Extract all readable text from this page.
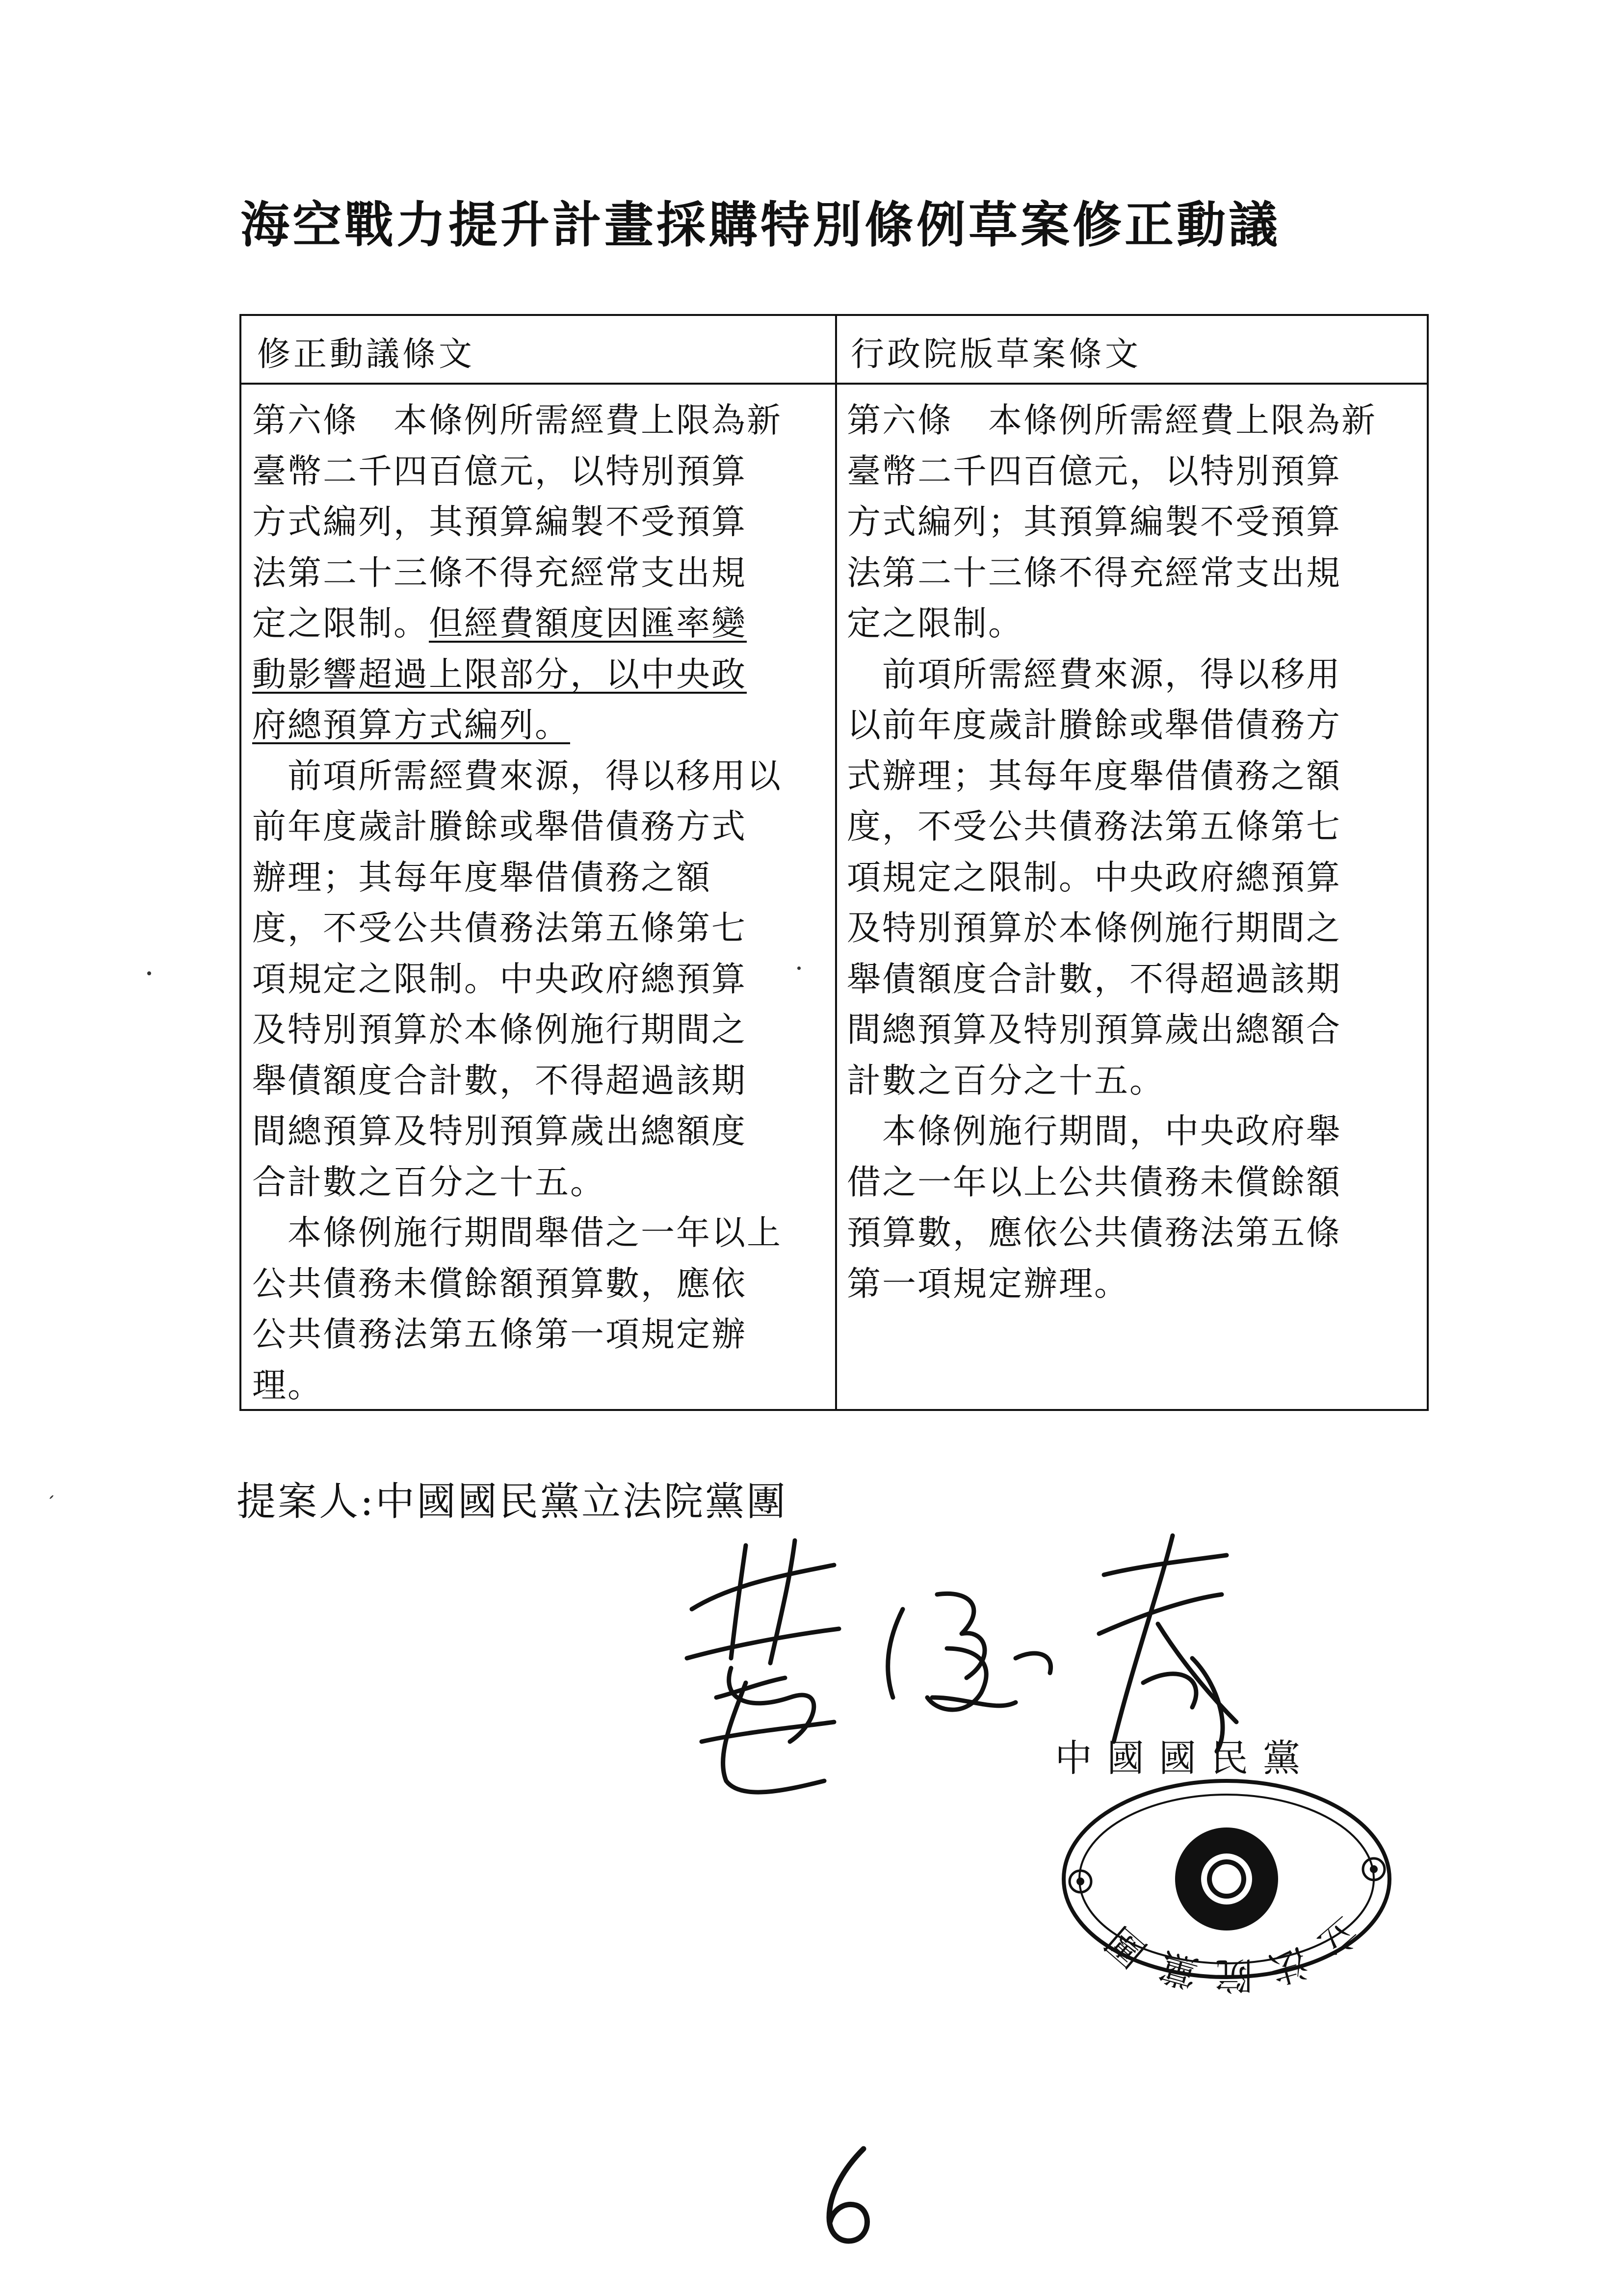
海空戰力提升計畫採購特別條例草案修正動議
修正動議條文	行政院版草案條文
第六條　本條例所需經費上限為新
臺幣二千四百億元，以特別預算
方式編列，其預算編製不受預算
法第二十三條不得充經常支出規
定之限制。但經費額度因匯率變
動影響超過上限部分，以中央政
府總預算方式編列。
　前項所需經費來源，得以移用以
前年度歲計賸餘或舉借債務方式
辦理；其每年度舉借債務之額
度，不受公共債務法第五條第七
項規定之限制。中央政府總預算
及特別預算於本條例施行期間之
舉債額度合計數，不得超過該期
間總預算及特別預算歲出總額度
合計數之百分之十五。
　本條例施行期間舉借之一年以上
公共債務未償餘額預算數，應依
公共債務法第五條第一項規定辦
理。
第六條　本條例所需經費上限為新
臺幣二千四百億元，以特別預算
方式編列；其預算編製不受預算
法第二十三條不得充經常支出規
定之限制。
　前項所需經費來源，得以移用
以前年度歲計賸餘或舉借債務方
式辦理；其每年度舉借債務之額
度，不受公共債務法第五條第七
項規定之限制。中央政府總預算
及特別預算於本條例施行期間之
舉債額度合計數，不得超過該期
間總預算及特別預算歲出總額合
計數之百分之十五。
　本條例施行期間，中央政府舉
借之一年以上公共債務未償餘額
預算數，應依公共債務法第五條
第一項規定辦理。
提案人:中國國民黨立法院黨團
中國國民黨
立法院黨團
6
